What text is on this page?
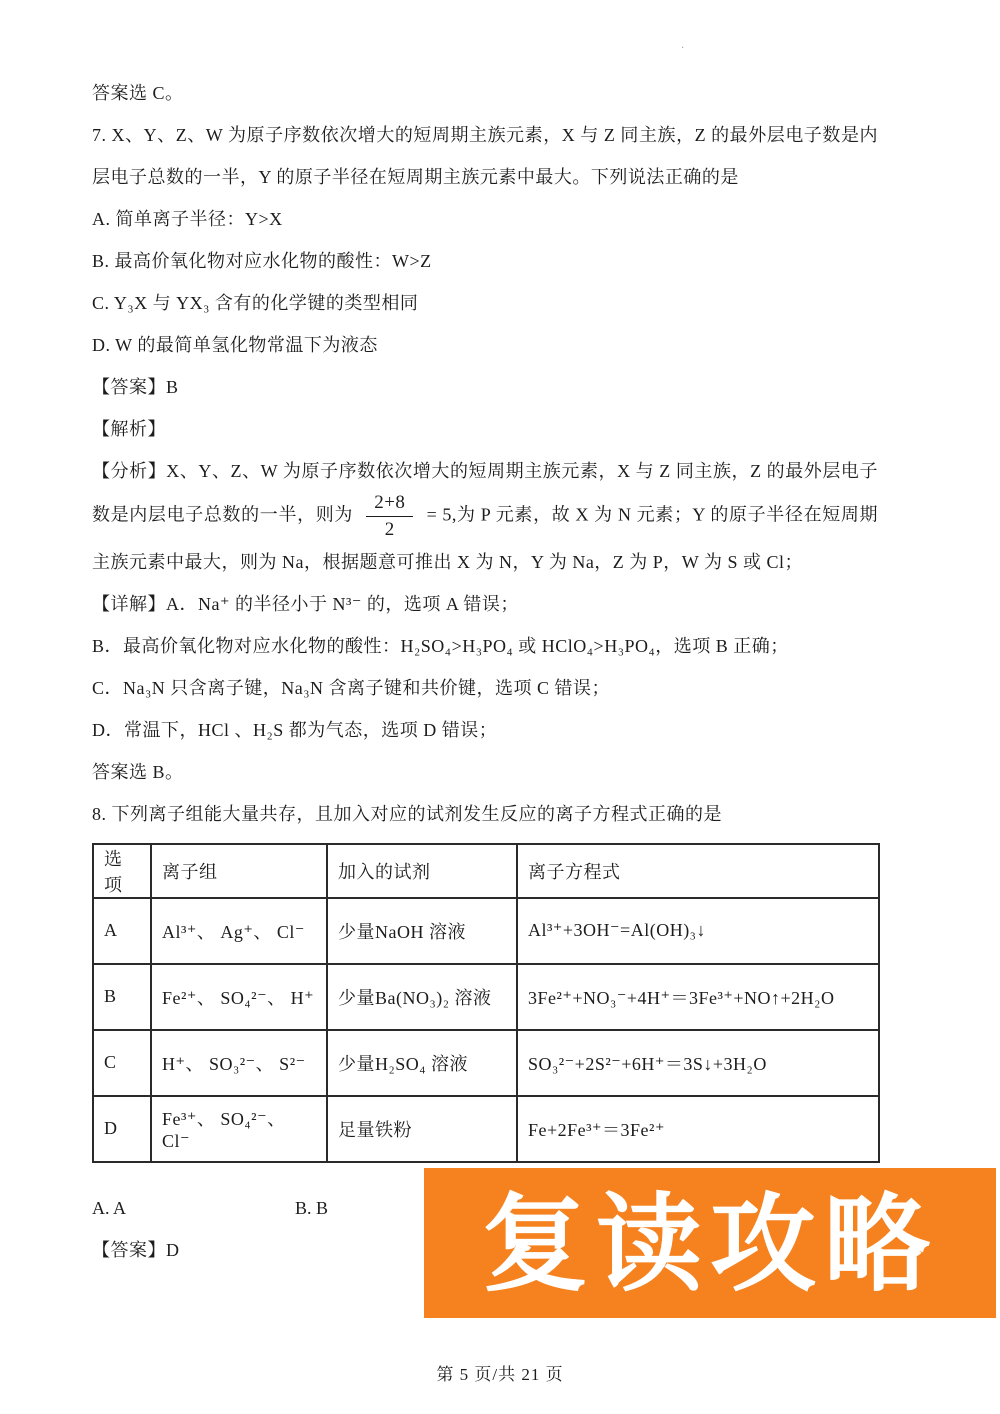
·

答案选 C。

7. X、Y、Z、W 为原子序数依次增大的短周期主族元素，X 与 Z 同主族，Z 的最外层电子数是内层电子总数的一半，Y 的原子半径在短周期主族元素中最大。下列说法正确的是

A. 简单离子半径：Y>X

B. 最高价氧化物对应水化物的酸性：W>Z

C. Y₃X 与 YX₃ 含有的化学键的类型相同

D. W 的最简单氢化物常温下为液态

【答案】B

【解析】

【分析】X、Y、Z、W 为原子序数依次增大的短周期主族元素，X 与 Z 同主族，Z 的最外层电子数是内层电子总数的一半，则为 $\frac{2+8}{2} = 5$,为 P 元素，故 X 为 N 元素；Y 的原子半径在短周期主族元素中最大，则为 Na，根据题意可推出 X 为 N，Y 为 Na，Z 为 P，W 为 S 或 Cl；

【详解】A．Na⁺ 的半径小于 N³⁻ 的，选项 A 错误；

B．最高价氧化物对应水化物的酸性：H₂SO₄>H₃PO₄ 或 HClO₄>H₃PO₄，选项 B 正确；

C．Na₃N 只含离子键，Na₃N 含离子键和共价键，选项 C 错误；

D．常温下，HCl 、H₂S 都为气态，选项 D 错误；

答案选 B。

8. 下列离子组能大量共存，且加入对应的试剂发生反应的离子方程式正确的是

选项	离子组	加入的试剂	离子方程式
A	Al³⁺、 Ag⁺、 Cl⁻	少量NaOH 溶液	Al³⁺+3OH⁻=Al(OH)₃↓
B	Fe²⁺、 SO₄²⁻、 H⁺	少量Ba(NO₃)₂ 溶液	3Fe²⁺+NO₃⁻+4H⁺＝3Fe³⁺+NO↑+2H₂O
C	H⁺、 SO₃²⁻、 S²⁻	少量H₂SO₄ 溶液	SO₃²⁻+2S²⁻+6H⁺＝3S↓+3H₂O
D	Fe³⁺、 SO₄²⁻、 Cl⁻	足量铁粉	Fe+2Fe³⁺＝3Fe²⁺
A. A	B. B

【答案】D	复读攻略
第 5 页/共 21 页
